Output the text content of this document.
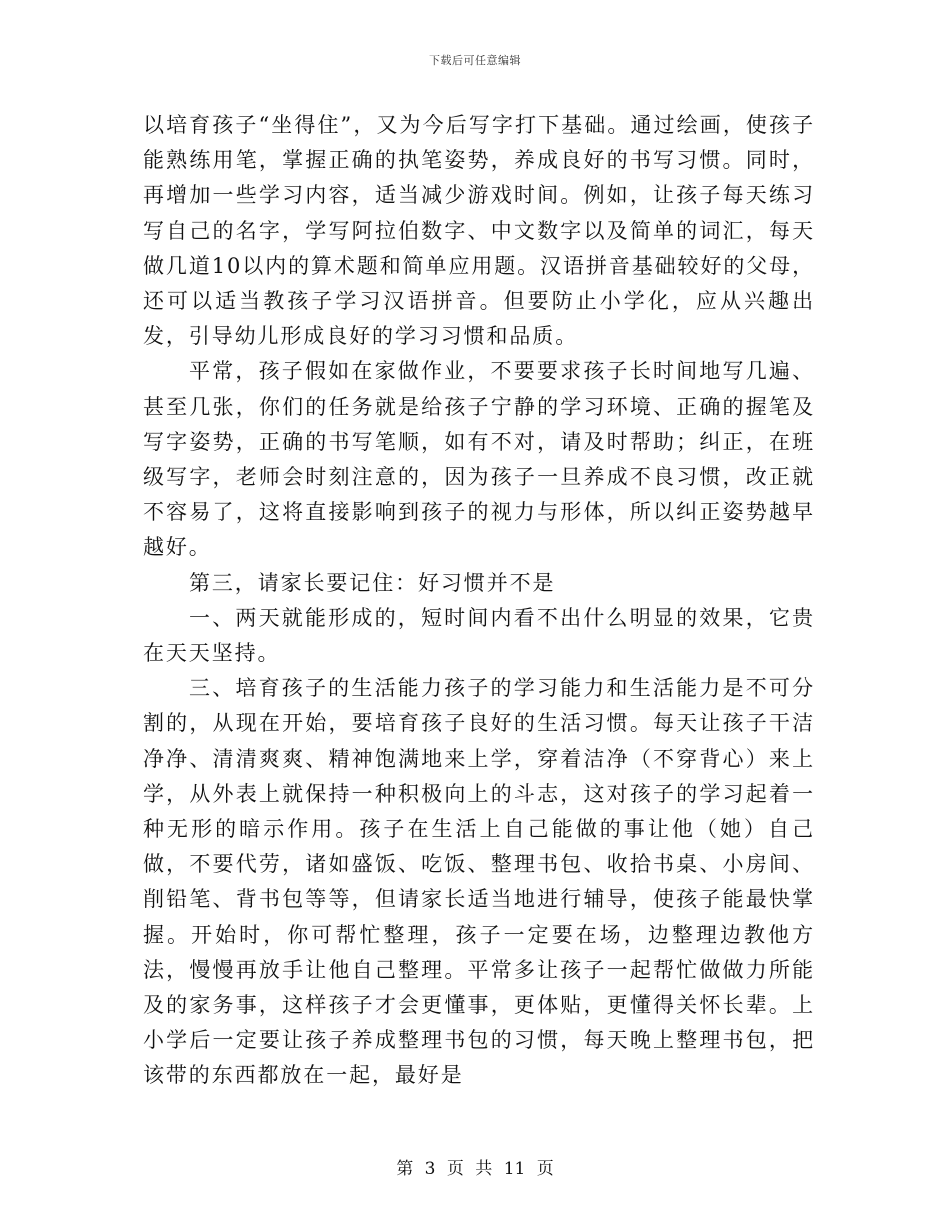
下载后可任意编辑

以培育孩子“坐得住”，又为今后写字打下基础。通过绘画，使孩子能熟练用笔，掌握正确的执笔姿势，养成良好的书写习惯。同时，再增加一些学习内容，适当减少游戏时间。例如，让孩子每天练习写自己的名字，学写阿拉伯数字、中文数字以及简单的词汇，每天做几道10以内的算术题和简单应用题。汉语拼音基础较好的父母，还可以适当教孩子学习汉语拼音。但要防止小学化，应从兴趣出发，引导幼儿形成良好的学习习惯和品质。

平常，孩子假如在家做作业，不要要求孩子长时间地写几遍、甚至几张，你们的任务就是给孩子宁静的学习环境、正确的握笔及写字姿势，正确的书写笔顺，如有不对，请及时帮助；纠正，在班级写字，老师会时刻注意的，因为孩子一旦养成不良习惯，改正就不容易了，这将直接影响到孩子的视力与形体，所以纠正姿势越早越好。

第三，请家长要记住：好习惯并不是

一、两天就能形成的，短时间内看不出什么明显的效果，它贵在天天坚持。

三、培育孩子的生活能力孩子的学习能力和生活能力是不可分割的，从现在开始，要培育孩子良好的生活习惯。每天让孩子干洁净净、清清爽爽、精神饱满地来上学，穿着洁净（不穿背心）来上学，从外表上就保持一种积极向上的斗志，这对孩子的学习起着一种无形的暗示作用。孩子在生活上自己能做的事让他（她）自己做，不要代劳，诸如盛饭、吃饭、整理书包、收拾书桌、小房间、削铅笔、背书包等等，但请家长适当地进行辅导，使孩子能最快掌握。开始时，你可帮忙整理，孩子一定要在场，边整理边教他方法，慢慢再放手让他自己整理。平常多让孩子一起帮忙做做力所能及的家务事，这样孩子才会更懂事，更体贴，更懂得关怀长辈。上小学后一定要让孩子养成整理书包的习惯，每天晚上整理书包，把该带的东西都放在一起，最好是

第 3 页 共 11 页
